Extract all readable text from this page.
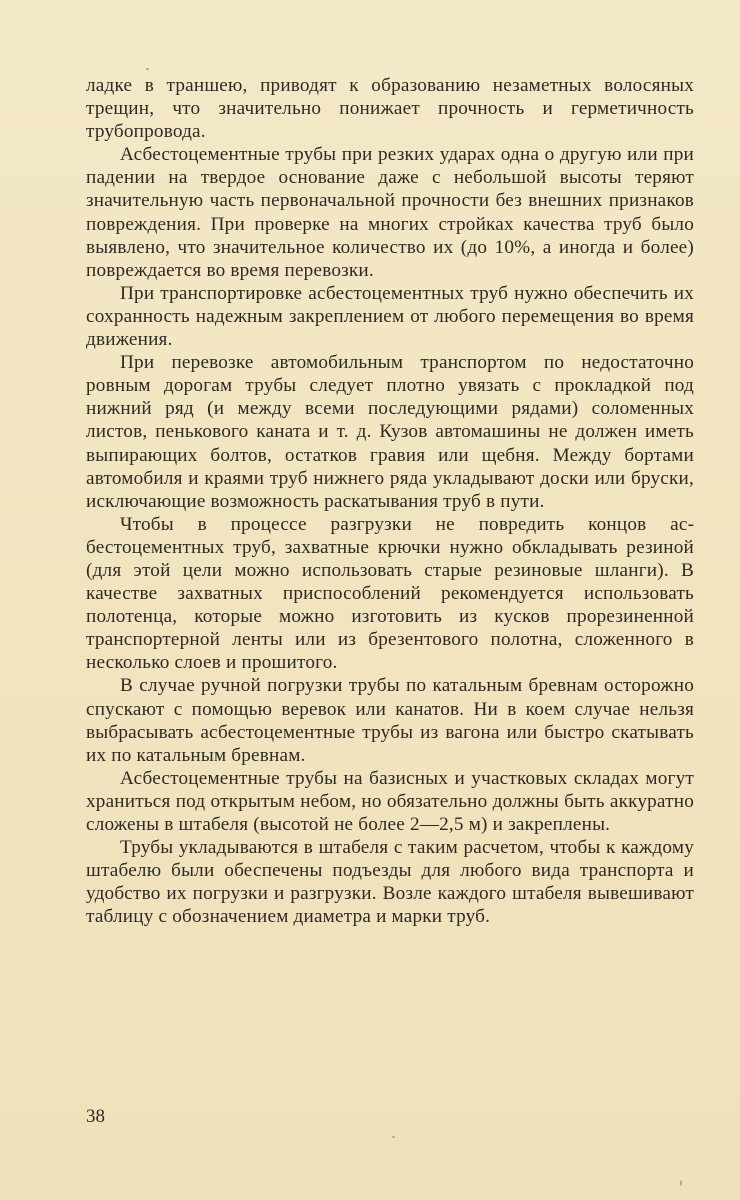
ладке в траншею, приводят к образованию незаметных волосяных трещин, что значительно понижает прочность и герметичность трубопровода.

Асбестоцементные трубы при резких ударах одна о другую или при падении на твердое основание даже с небольшой высоты теряют значительную часть первоначальной прочности без внешних признаков повреждения. При проверке на многих стройках качества труб было выявлено, что значительное количество их (до 10%, а иногда и более) повреждается во время перевозки.

При транспортировке асбестоцементных труб нужно обеспечить их сохранность надежным закреплением от любого перемещения во время движения.

При перевозке автомобильным транспортом по недостаточно ровным дорогам трубы следует плотно увязать с прокладкой под нижний ряд (и между всеми последующими рядами) соломенных листов, пенькового каната и т. д. Кузов автомашины не должен иметь выпирающих болтов, остатков гравия или щебня. Между бортами автомобиля и краями труб нижнего ряда укладывают доски или бруски, исключающие возможность раскатывания труб в пути.

Чтобы в процессе разгрузки не повредить концов асбестоцементных труб, захватные крючки нужно обкладывать резиной (для этой цели можно использовать старые резиновые шланги). В качестве захватных приспособлений рекомендуется использовать полотенца, которые можно изготовить из кусков прорезиненной транспортерной ленты или из брезентового полотна, сложенного в несколько слоев и прошитого.

В случае ручной погрузки трубы по катальным бревнам осторожно спускают с помощью веревок или канатов. Ни в коем случае нельзя выбрасывать асбестоцементные трубы из вагона или быстро скатывать их по катальным бревнам.

Асбестоцементные трубы на базисных и участковых складах могут храниться под открытым небом, но обязательно должны быть аккуратно сложены в штабеля (высотой не более 2—2,5 м) и закреплены.

Трубы укладываются в штабеля с таким расчетом, чтобы к каждому штабелю были обеспечены подъезды для любого вида транспорта и удобство их погрузки и разгрузки. Возле каждого штабеля вывешивают таблицу с обозначением диаметра и марки труб.

38
